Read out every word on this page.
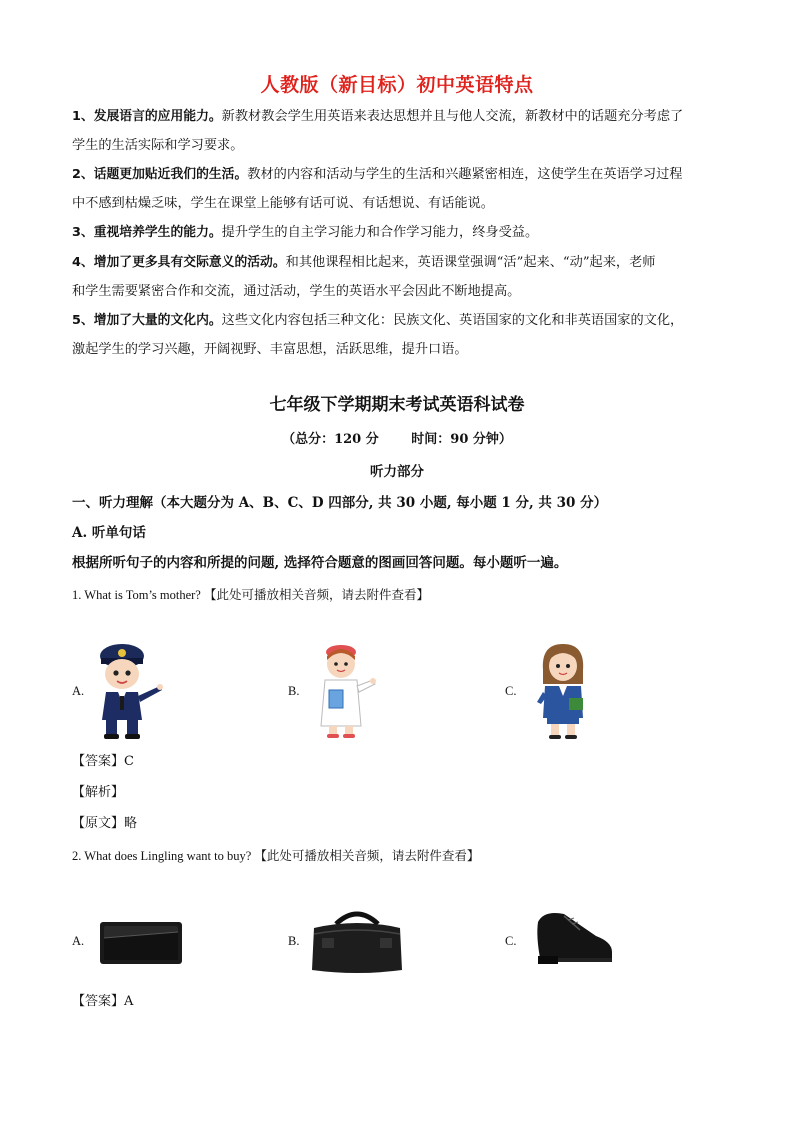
人教版（新目标）初中英语特点
1、发展语言的应用能力。新教材教会学生用英语来表达思想并且与他人交流，新教材中的话题充分考虑了
学生的生活实际和学习要求。
2、话题更加贴近我们的生活。教材的内容和活动与学生的生活和兴趣紧密相连，这使学生在英语学习过程
中不感到枯燥乏味，学生在课堂上能够有话可说、有话想说、有话能说。
3、重视培养学生的能力。提升学生的自主学习能力和合作学习能力，终身受益。
4、增加了更多具有交际意义的活动。和其他课程相比起来，英语课堂强调“活”起来、“动”起来，老师
和学生需要紧密合作和交流，通过活动，学生的英语水平会因此不断地提高。
5、增加了大量的文化内。这些文化内容包括三种文化：民族文化、英语国家的文化和非英语国家的文化，
激起学生的学习兴趣，开阔视野、丰富思想，活跃思维，提升口语。
七年级下学期期末考试英语科试卷
（总分：120 分	时间：90 分钟）
听力部分
一、听力理解（本大题分为 A、B、C、D 四部分, 共 30 小题, 每小题 1 分, 共 30 分）
A. 听单句话
根据所听句子的内容和所提的问题, 选择符合题意的图画回答问题。每小题听一遍。
1. What is Tom’s mother? 【此处可播放相关音频，请去附件查看】
A.	B.	C.
【答案】C
【解析】
【原文】略
2. What does Lingling want to buy? 【此处可播放相关音频，请去附件查看】
A.	B.	C.
【答案】A
